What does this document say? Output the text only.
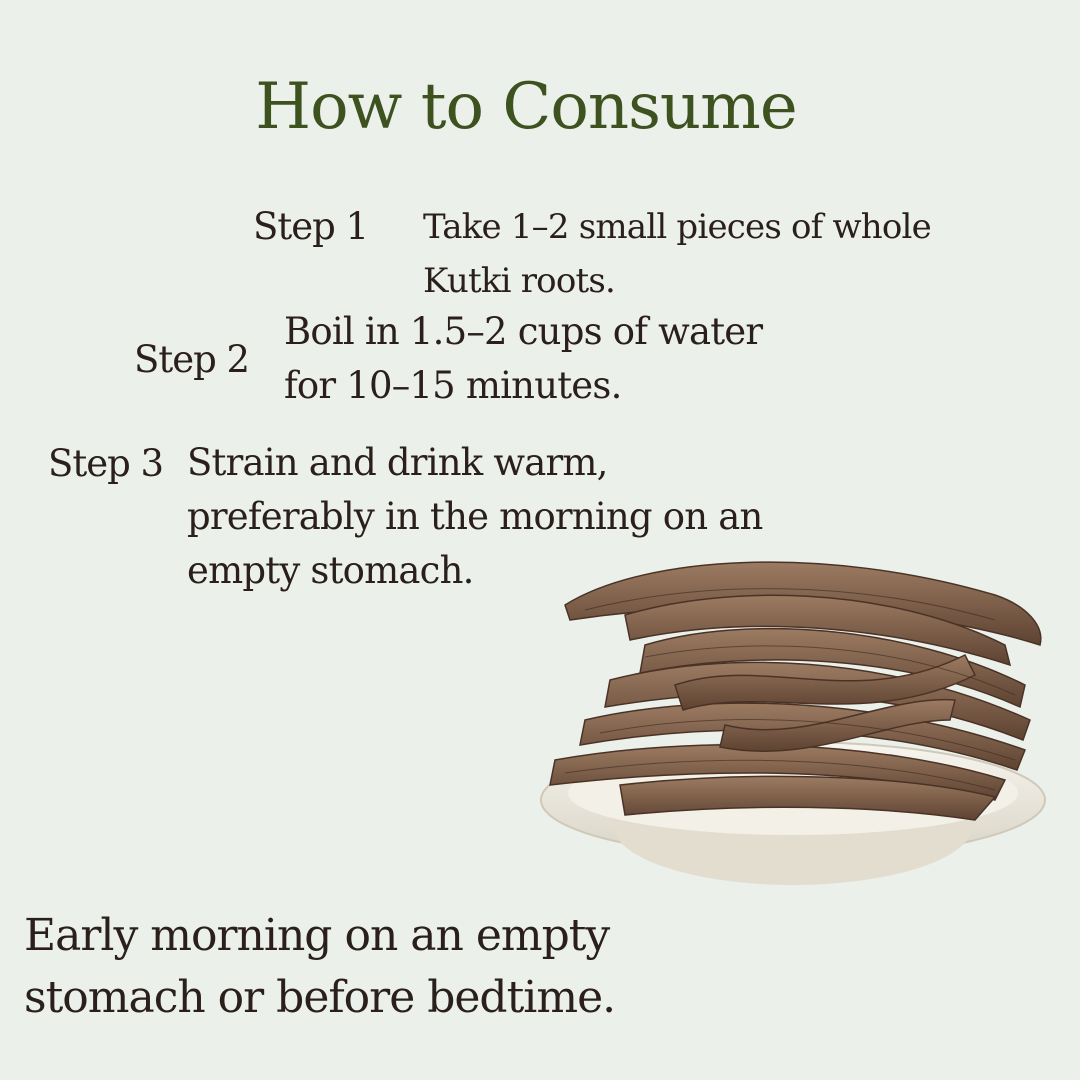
How to Consume
Step 1 Take 1–2 small pieces of whole Kutki roots.
Step 2
Boil in 1.5–2 cups of water for 10–15 minutes.
Step 3 Strain and drink warm, preferably in the morning on an empty stomach.
Early morning on an empty stomach or before bedtime.
